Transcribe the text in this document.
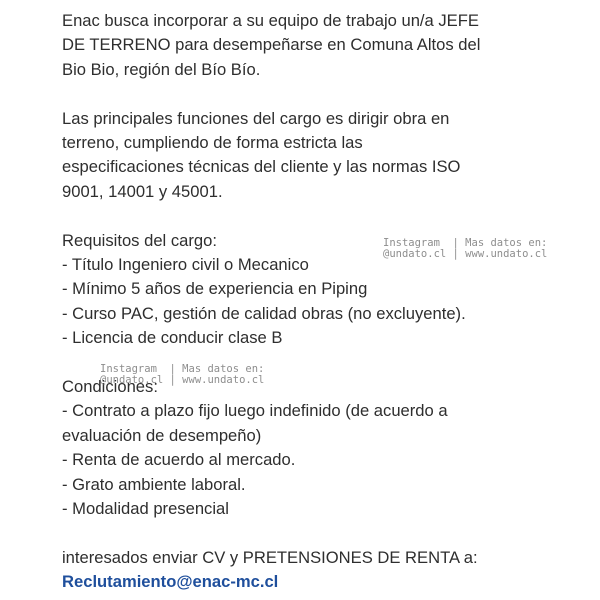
Enac busca incorporar a su equipo de trabajo un/a JEFE
DE TERRENO para desempeñarse en Comuna Altos del
Bio Bio, región del Bío Bío.
Las principales funciones del cargo es dirigir obra en
terreno, cumpliendo de forma estricta las
especificaciones técnicas del cliente y las normas ISO
9001, 14001 y 45001.
Requisitos del cargo:
- Título Ingeniero civil o Mecanico
- Mínimo 5 años de experiencia en Piping
- Curso PAC, gestión de calidad obras (no excluyente).
- Licencia de conducir clase B
Condiciones:
- Contrato a plazo fijo luego indefinido (de acuerdo a
evaluación de desempeño)
- Renta de acuerdo al mercado.
- Grato ambiente laboral.
- Modalidad presencial
interesados enviar CV y PRETENSIONES DE RENTA a:
Reclutamiento@enac-mc.cl
Instagram  | Mas datos en:
@undato.cl | www.undato.cl
Instagram  | Mas datos en:
@undato.cl | www.undato.cl
